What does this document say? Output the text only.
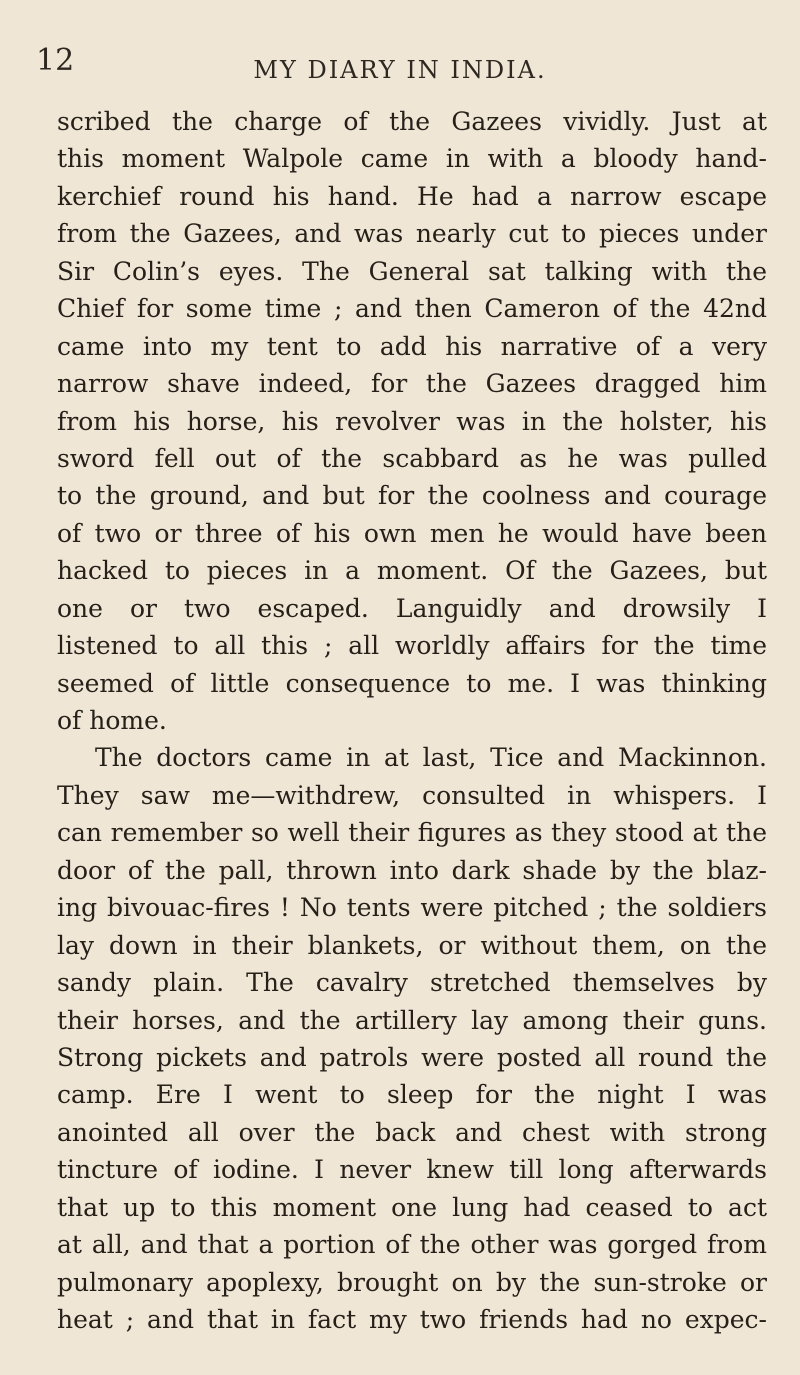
12	MY DIARY IN INDIA.
scribed the charge of the Gazees vividly. Just at
this moment Walpole came in with a bloody hand-
kerchief round his hand. He had a narrow escape
from the Gazees, and was nearly cut to pieces under
Sir Colin’s eyes. The General sat talking with the
Chief for some time ; and then Cameron of the 42nd
came into my tent to add his narrative of a very
narrow shave indeed, for the Gazees dragged him
from his horse, his revolver was in the holster, his
sword fell out of the scabbard as he was pulled
to the ground, and but for the coolness and courage
of two or three of his own men he would have been
hacked to pieces in a moment. Of the Gazees, but
one or two escaped. Languidly and drowsily I
listened to all this ; all worldly affairs for the time
seemed of little consequence to me. I was thinking
of home.
The doctors came in at last, Tice and Mackinnon.
They saw me—withdrew, consulted in whispers. I
can remember so well their figures as they stood at the
door of the pall, thrown into dark shade by the blaz-
ing bivouac-fires ! No tents were pitched ; the soldiers
lay down in their blankets, or without them, on the
sandy plain. The cavalry stretched themselves by
their horses, and the artillery lay among their guns.
Strong pickets and patrols were posted all round the
camp. Ere I went to sleep for the night I was
anointed all over the back and chest with strong
tincture of iodine. I never knew till long afterwards
that up to this moment one lung had ceased to act
at all, and that a portion of the other was gorged from
pulmonary apoplexy, brought on by the sun-stroke or
heat ; and that in fact my two friends had no expec-
